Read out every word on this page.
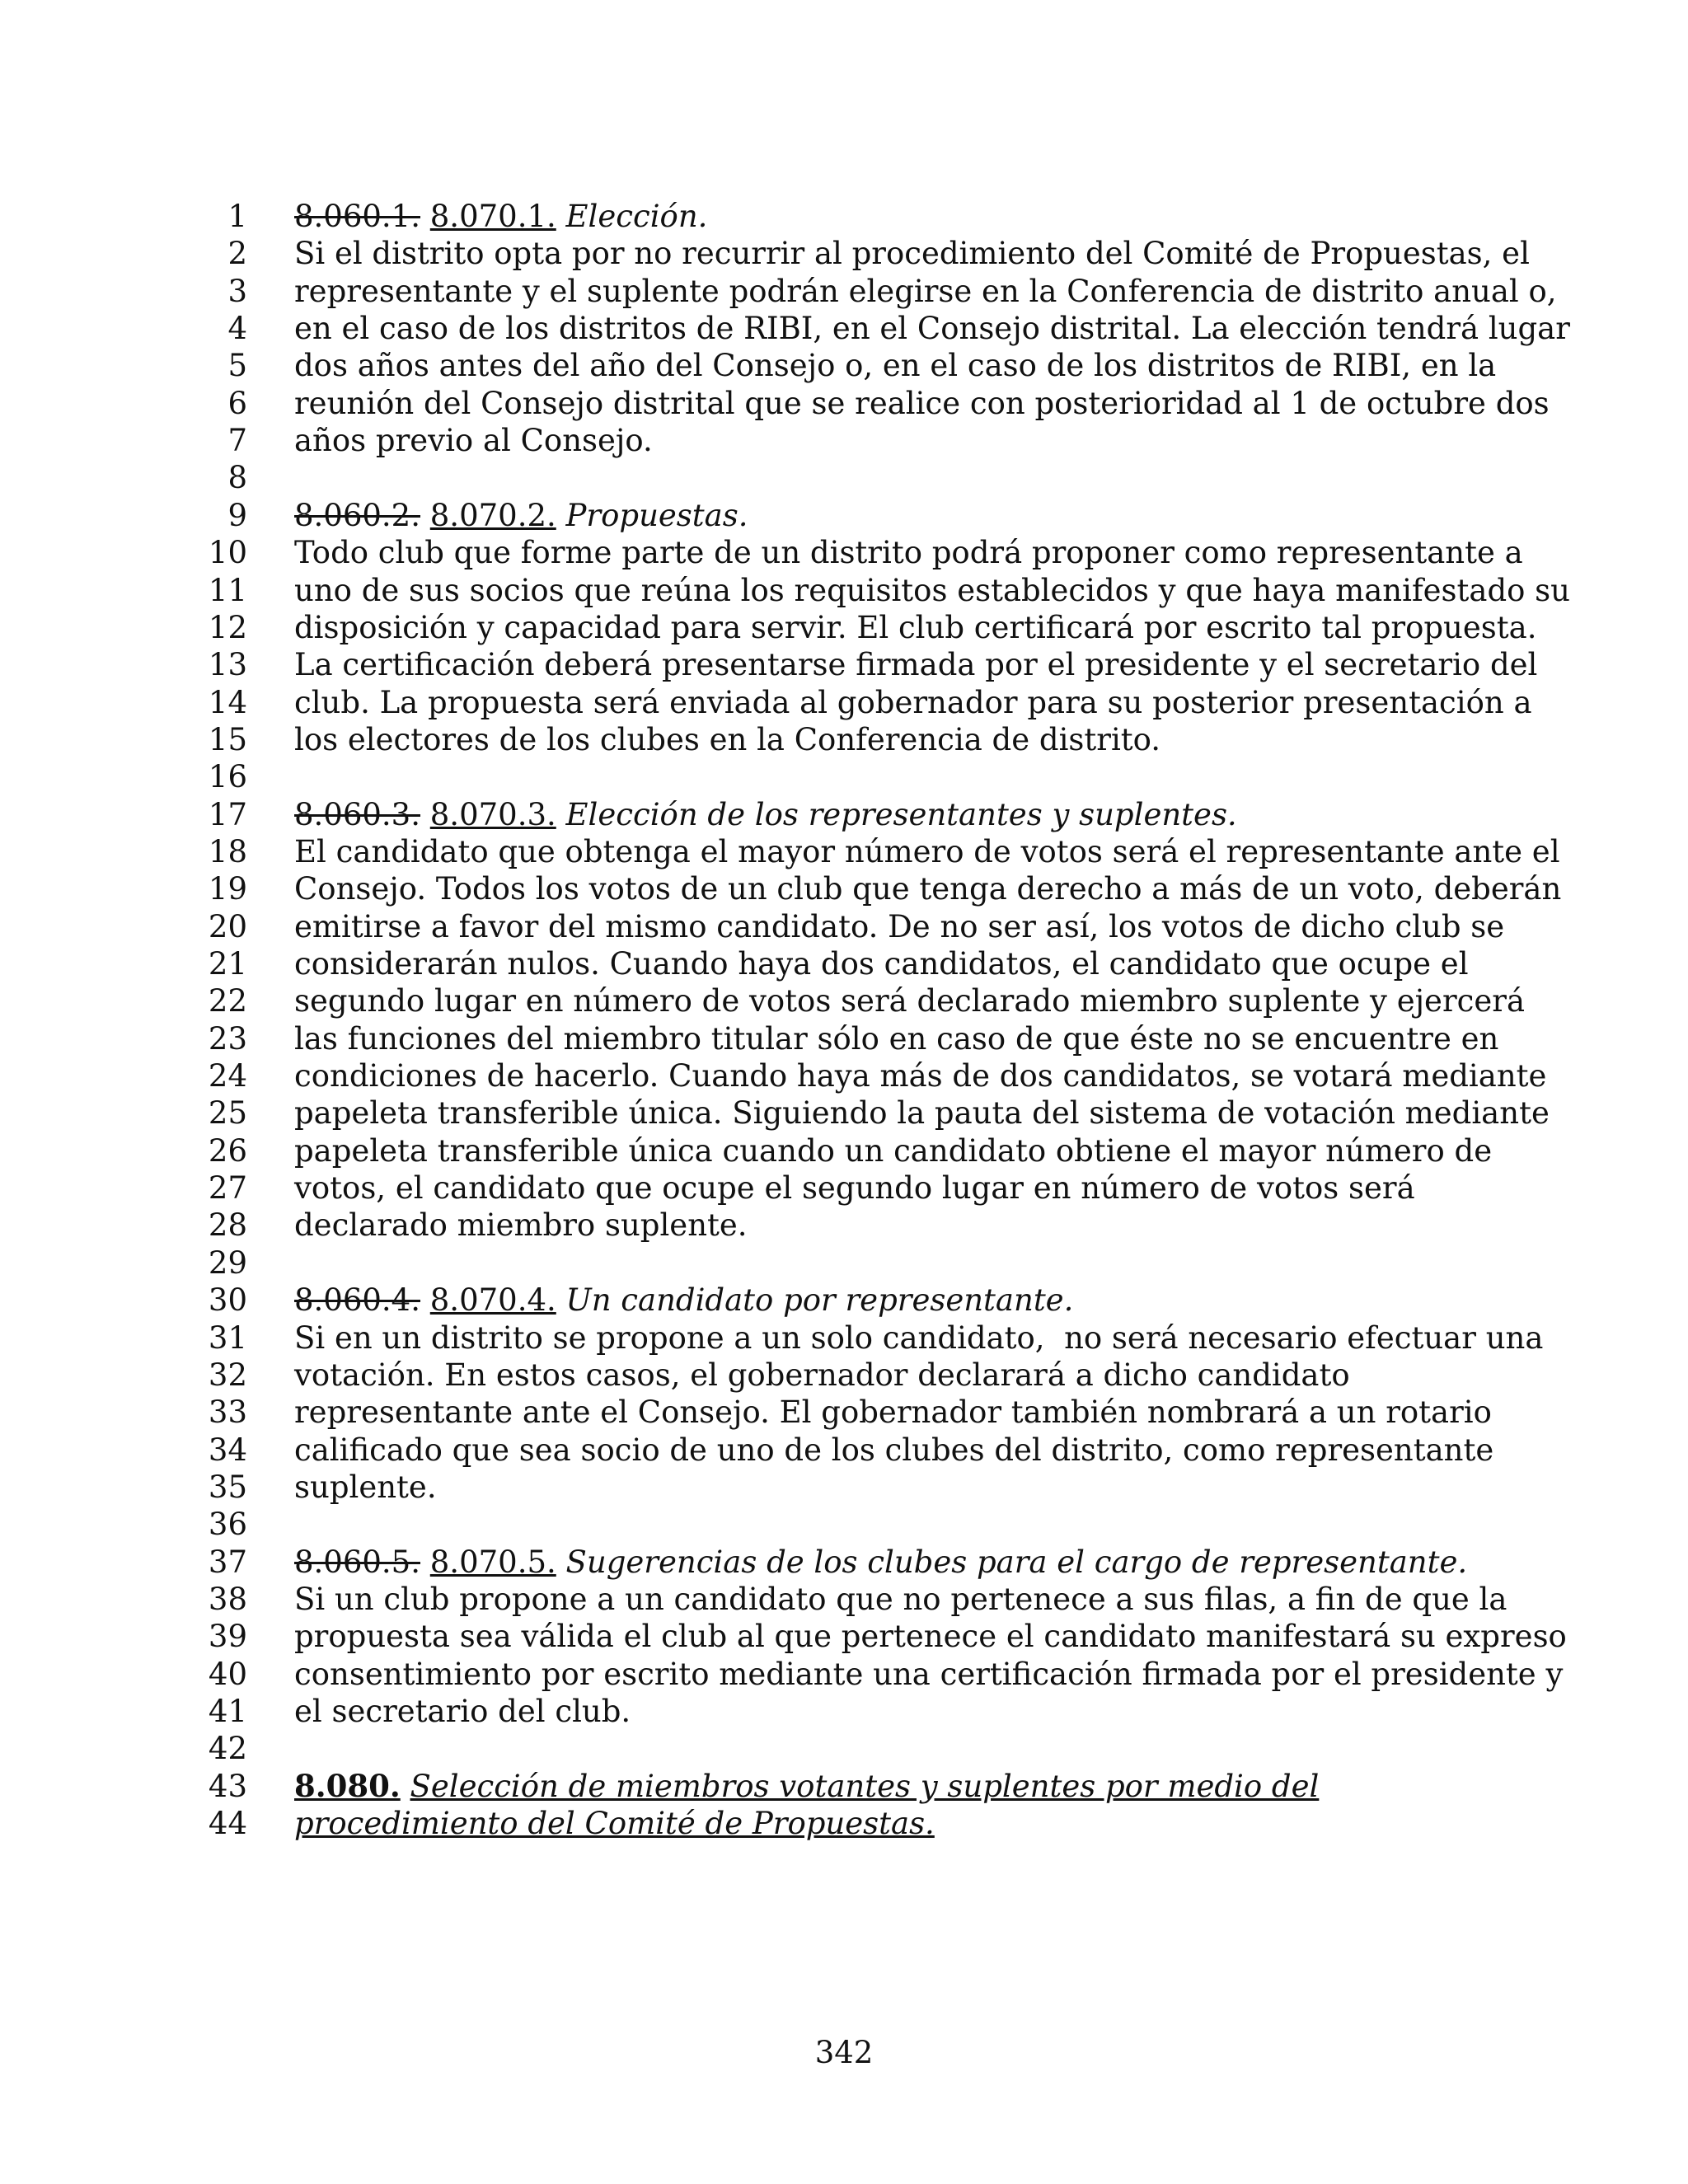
1 8.060.1. 8.070.1. Elección.
2 Si el distrito opta por no recurrir al procedimiento del Comité de Propuestas, el
3 representante y el suplente podrán elegirse en la Conferencia de distrito anual o,
4 en el caso de los distritos de RIBI, en el Consejo distrital. La elección tendrá lugar
5 dos años antes del año del Consejo o, en el caso de los distritos de RIBI, en la
6 reunión del Consejo distrital que se realice con posterioridad al 1 de octubre dos
7 años previo al Consejo.
8
9 8.060.2. 8.070.2. Propuestas.
10 Todo club que forme parte de un distrito podrá proponer como representante a
11 uno de sus socios que reúna los requisitos establecidos y que haya manifestado su
12 disposición y capacidad para servir. El club certificará por escrito tal propuesta.
13 La certificación deberá presentarse firmada por el presidente y el secretario del
14 club. La propuesta será enviada al gobernador para su posterior presentación a
15 los electores de los clubes en la Conferencia de distrito.
16
17 8.060.3. 8.070.3. Elección de los representantes y suplentes.
18 El candidato que obtenga el mayor número de votos será el representante ante el
19 Consejo. Todos los votos de un club que tenga derecho a más de un voto, deberán
20 emitirse a favor del mismo candidato. De no ser así, los votos de dicho club se
21 considerarán nulos. Cuando haya dos candidatos, el candidato que ocupe el
22 segundo lugar en número de votos será declarado miembro suplente y ejercerá
23 las funciones del miembro titular sólo en caso de que éste no se encuentre en
24 condiciones de hacerlo. Cuando haya más de dos candidatos, se votará mediante
25 papeleta transferible única. Siguiendo la pauta del sistema de votación mediante
26 papeleta transferible única cuando un candidato obtiene el mayor número de
27 votos, el candidato que ocupe el segundo lugar en número de votos será
28 declarado miembro suplente.
29
30 8.060.4. 8.070.4. Un candidato por representante.
31 Si en un distrito se propone a un solo candidato,  no será necesario efectuar una
32 votación. En estos casos, el gobernador declarará a dicho candidato
33 representante ante el Consejo. El gobernador también nombrará a un rotario
34 calificado que sea socio de uno de los clubes del distrito, como representante
35 suplente.
36
37 8.060.5. 8.070.5. Sugerencias de los clubes para el cargo de representante.
38 Si un club propone a un candidato que no pertenece a sus filas, a fin de que la
39 propuesta sea válida el club al que pertenece el candidato manifestará su expreso
40 consentimiento por escrito mediante una certificación firmada por el presidente y
41 el secretario del club.
42
43 8.080. Selección de miembros votantes y suplentes por medio del
44 procedimiento del Comité de Propuestas.
342
